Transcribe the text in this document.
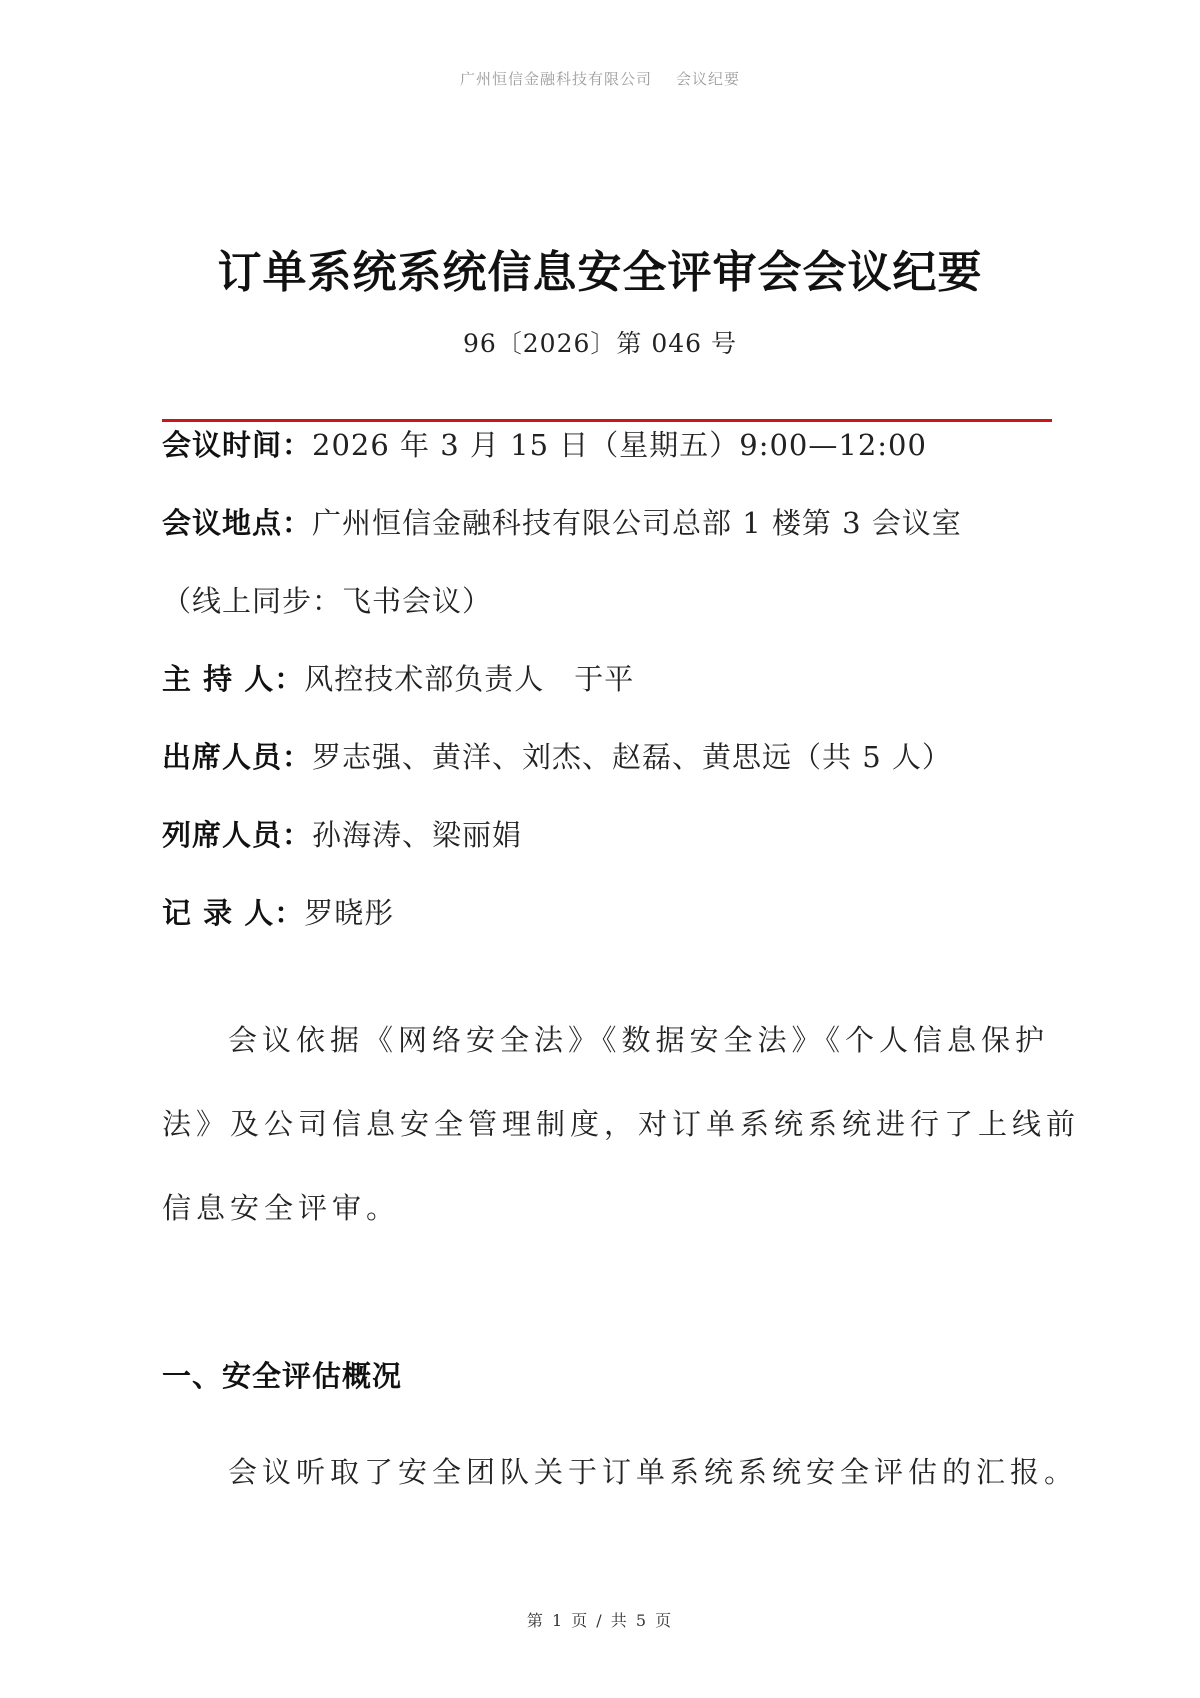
广州恒信金融科技有限公司 会议纪要
订单系统系统信息安全评审会会议纪要
96〔2026〕第 046 号
会议时间：2026 年 3 月 15 日（星期五）9:00—12:00
会议地点：广州恒信金融科技有限公司总部 1 楼第 3 会议室
（线上同步：飞书会议）
主 持 人：风控技术部负责人　于平
出席人员：罗志强、黄洋、刘杰、赵磊、黄思远（共 5 人）
列席人员：孙海涛、梁丽娟
记 录 人：罗晓彤
会议依据《网络安全法》《数据安全法》《个人信息保护
法》及公司信息安全管理制度，对订单系统系统进行了上线前
信息安全评审。
一、安全评估概况
会议听取了安全团队关于订单系统系统安全评估的汇报。
第 1 页 / 共 5 页
